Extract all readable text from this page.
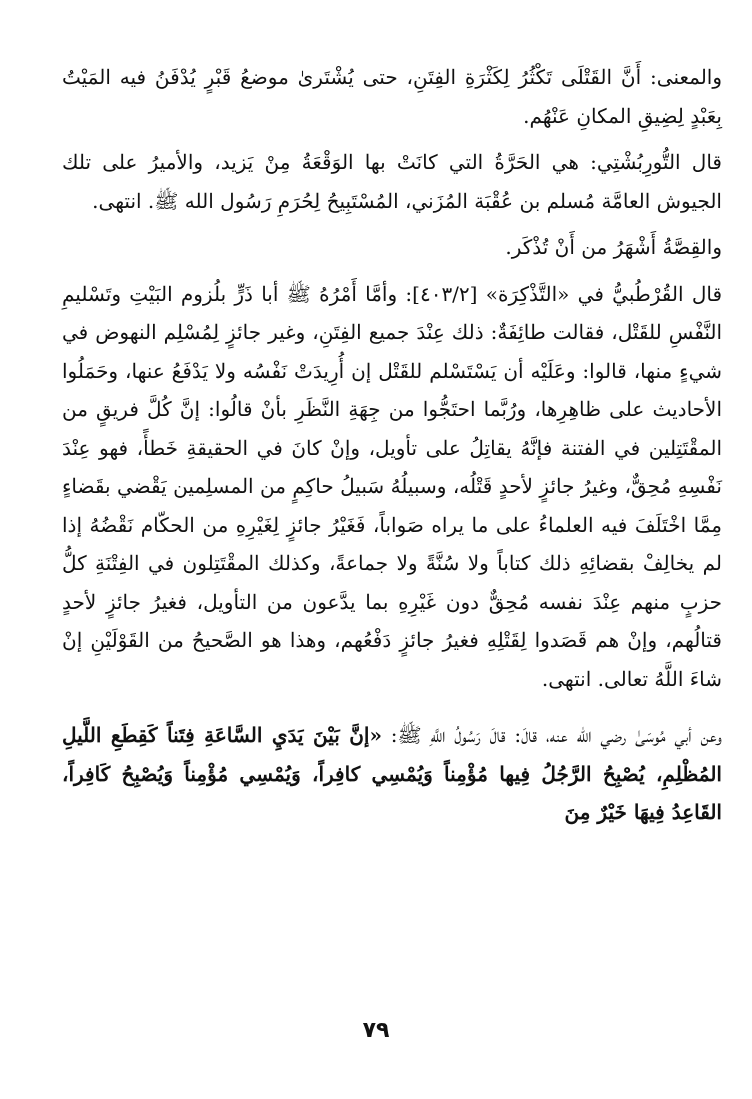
والمعنى: أَنَّ القَتْلَى تَكْثُرُ لِكَثْرَةِ الفِتَنِ، حتى يُشْتَرىٰ موضعُ قَبْرٍ يُدْفَنُ فيه المَيْتُ بِعَبْدٍ لِضِيقِ المكانِ عَنْهُم.

قال التُّورِبُشْتِي: هي الحَرَّةُ التي كانَتْ بها الوَقْعَةُ مِنْ يَزيد، والأميرُ على تلك الجيوش العامَّة مُسلم بن عُقْبَة المُزَني، المُسْتَبِيحُ لِحُرَمِ رَسُول الله ﷺ. انتهى.

والقِصَّةُ أَشْهَرُ من أَنْ تُذْكَر.

قال القُرْطُبيُّ في «التَّذْكِرَة» [٤٠٣/٢]: وأمَّا أَمْرُهُ ﷺ أبا ذَرٍّ بلُزوم البَيْتِ وتَسْليمِ النَّفْسِ للقَتْل، فقالت طائِفَةٌ: ذلك عِنْدَ جميع الفِتَنِ، وغير جائزٍ لِمُسْلِم النهوض في شيءٍ منها، قالوا: وعَلَيْه أن يَسْتَسْلم للقَتْل إن أُرِيدَتْ نَفْسُه ولا يَدْفَعُ عنها، وحَمَلُوا الأحاديث على ظاهِرِها، ورُبَّما احتَجُّوا من جِهَةِ النَّظَرِ بأنْ قالُوا: إنَّ كُلَّ فريقٍ من المقْتَتِلين في الفتنة فإنَّهُ يقاتِلُ على تأويل، وإنْ كانَ في الحقيقةِ خَطأً، فهو عِنْدَ نَفْسِهِ مُحِقٌّ، وغيرُ جائزٍ لأحدٍ قَتْلُه، وسبيلُهُ سَبيلُ حاكِمٍ من المسلِمين يَقْضي بقَضاءٍ مِمَّا اخْتَلَفَ فيه العلماءُ على ما يراه صَواباً، فَغَيْرُ جائزٍ لِغَيْرِهِ من الحكّام نَقْضُهُ إذا لم يخالِفْ بقضائِهِ ذلك كتاباً ولا سُنَّةً ولا جماعةً، وكذلك المقْتَتِلون في الفِتْنَةِ كلُّ حزبٍ منهم عِنْدَ نفسه مُحِقٌّ دون غَيْرِهِ بما يدَّعون من التأويل، فغيرُ جائزٍ لأحدٍ قتالُهم، وإنْ هم قَصَدوا لِقَتْلِهِ فغيرُ جائزٍ دَفْعُهم، وهذا هو الصَّحيحُ من القَوْلَيْنِ إنْ شاءَ اللَّهُ تعالى. انتهى.

وعن أبي مُوسَىٰ رضي الله عنه، قالَ: قالَ رَسُولُ اللَّهِ ﷺ: «إنَّ بَيْنَ يَدَيِ السَّاعَةِ فِتَناً كَقِطَعِ اللَّيلِ المُظْلِمِ، يُصْبِحُ الرَّجُلُ فِيها مُؤْمِناً وَيُمْسِي كافِراً، وَيُمْسِي مُؤْمِناً وَيُصْبِحُ كَافِراً، القَاعِدُ فِيهَا خَيْرٌ مِنَ

٧٩
